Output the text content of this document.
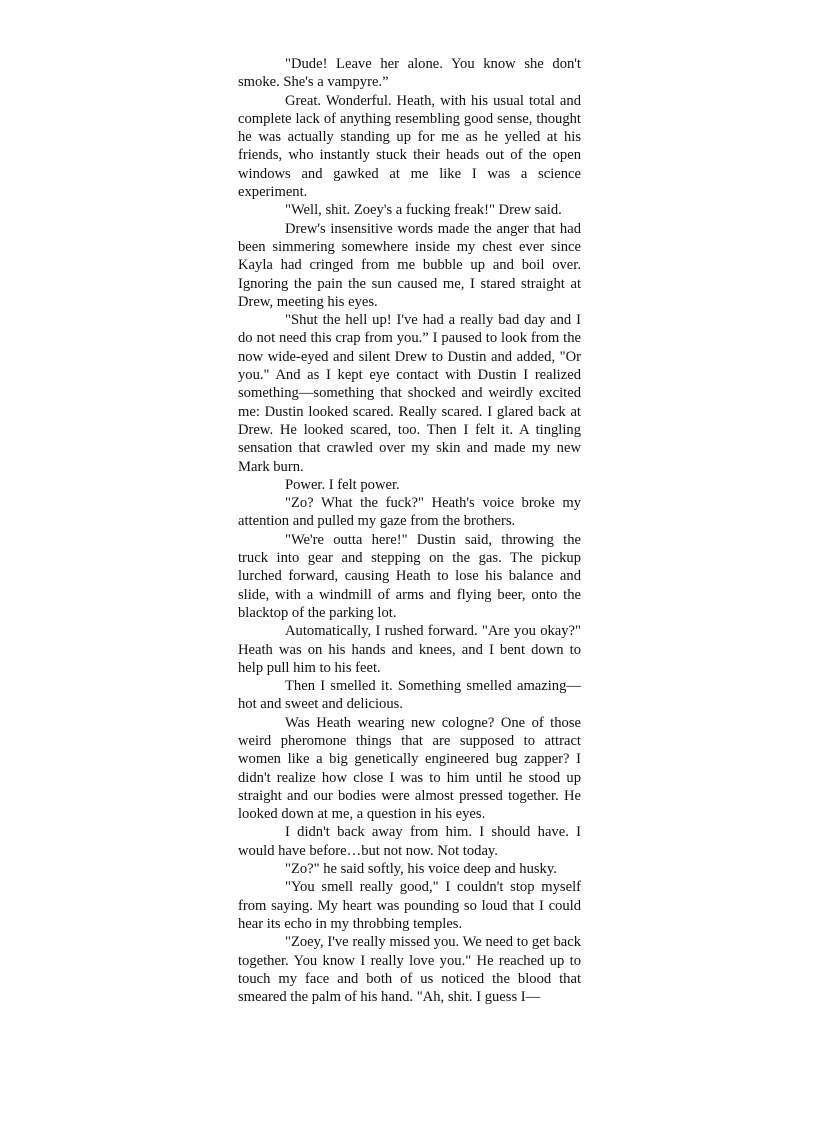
"Dude! Leave her alone. You know she don't smoke. She's a vampyre.”

Great. Wonderful. Heath, with his usual total and complete lack of anything resembling good sense, thought he was actually standing up for me as he yelled at his friends, who instantly stuck their heads out of the open windows and gawked at me like I was a science experiment.

"Well, shit. Zoey's a fucking freak!" Drew said.

Drew's insensitive words made the anger that had been simmering somewhere inside my chest ever since Kayla had cringed from me bubble up and boil over. Ignoring the pain the sun caused me, I stared straight at Drew, meeting his eyes.

"Shut the hell up! I've had a really bad day and I do not need this crap from you.” I paused to look from the now wide-eyed and silent Drew to Dustin and added, "Or you." And as I kept eye contact with Dustin I realized something—something that shocked and weirdly excited me: Dustin looked scared. Really scared. I glared back at Drew. He looked scared, too. Then I felt it. A tingling sensation that crawled over my skin and made my new Mark burn.

Power. I felt power.

"Zo? What the fuck?" Heath's voice broke my attention and pulled my gaze from the brothers.

"We're outta here!" Dustin said, throwing the truck into gear and stepping on the gas. The pickup lurched forward, causing Heath to lose his balance and slide, with a windmill of arms and flying beer, onto the blacktop of the parking lot.

Automatically, I rushed forward. "Are you okay?" Heath was on his hands and knees, and I bent down to help pull him to his feet.

Then I smelled it. Something smelled amazing— hot and sweet and delicious.

Was Heath wearing new cologne? One of those weird pheromone things that are supposed to attract women like a big genetically engineered bug zapper? I didn't realize how close I was to him until he stood up straight and our bodies were almost pressed together. He looked down at me, a question in his eyes.

I didn't back away from him. I should have. I would have before…but not now. Not today.

"Zo?" he said softly, his voice deep and husky.

"You smell really good," I couldn't stop myself from saying. My heart was pounding so loud that I could hear its echo in my throbbing temples.

"Zoey, I've really missed you. We need to get back together. You know I really love you." He reached up to touch my face and both of us noticed the blood that smeared the palm of his hand. "Ah, shit. I guess I—
